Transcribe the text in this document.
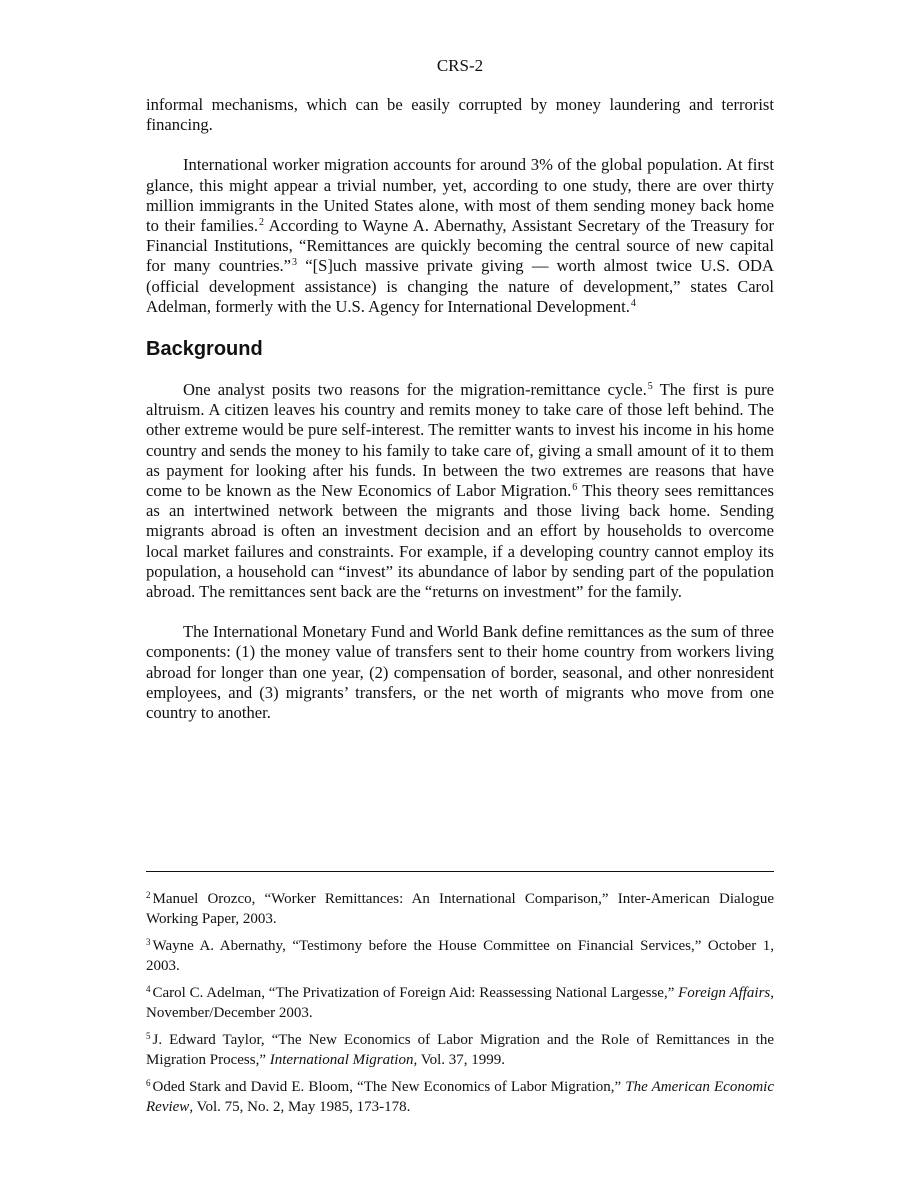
CRS-2

informal mechanisms, which can be easily corrupted by money laundering and terrorist financing.

International worker migration accounts for around 3% of the global population. At first glance, this might appear a trivial number, yet, according to one study, there are over thirty million immigrants in the United States alone, with most of them sending money back home to their families.$^2$ According to Wayne A. Abernathy, Assistant Secretary of the Treasury for Financial Institutions, “Remittances are quickly becoming the central source of new capital for many countries.”$^3$ “[S]uch massive private giving — worth almost twice U.S. ODA (official development assistance) is changing the nature of development,” states Carol Adelman, formerly with the U.S. Agency for International Development.$^4$

Background

One analyst posits two reasons for the migration-remittance cycle.$^5$ The first is pure altruism. A citizen leaves his country and remits money to take care of those left behind. The other extreme would be pure self-interest. The remitter wants to invest his income in his home country and sends the money to his family to take care of, giving a small amount of it to them as payment for looking after his funds. In between the two extremes are reasons that have come to be known as the New Economics of Labor Migration.$^6$ This theory sees remittances as an intertwined network between the migrants and those living back home. Sending migrants abroad is often an investment decision and an effort by households to overcome local market failures and constraints. For example, if a developing country cannot employ its population, a household can “invest” its abundance of labor by sending part of the population abroad. The remittances sent back are the “returns on investment” for the family.

The International Monetary Fund and World Bank define remittances as the sum of three components: (1) the money value of transfers sent to their home country from workers living abroad for longer than one year, (2) compensation of border, seasonal, and other nonresident employees, and (3) migrants’ transfers, or the net worth of migrants who move from one country to another.

$^2$ Manuel Orozco, “Worker Remittances: An International Comparison,” Inter-American Dialogue Working Paper, 2003.
$^3$ Wayne A. Abernathy, “Testimony before the House Committee on Financial Services,” October 1, 2003.
$^4$ Carol C. Adelman, “The Privatization of Foreign Aid: Reassessing National Largesse,” Foreign Affairs, November/December 2003.
$^5$ J. Edward Taylor, “The New Economics of Labor Migration and the Role of Remittances in the Migration Process,” International Migration, Vol. 37, 1999.
$^6$ Oded Stark and David E. Bloom, “The New Economics of Labor Migration,” The American Economic Review, Vol. 75, No. 2, May 1985, 173-178.
